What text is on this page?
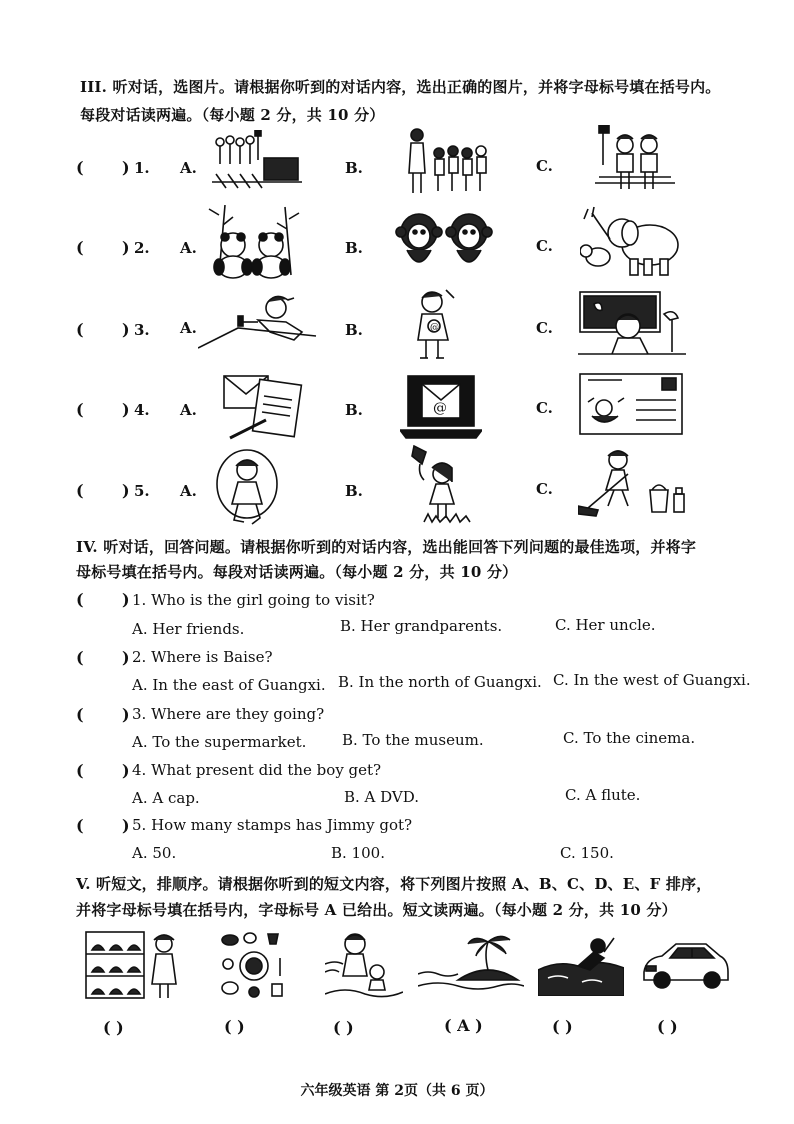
III. 听对话，选图片。请根据你听到的对话内容，选出正确的图片，并将字母标号填在括号内。
每段对话读两遍。（每小题 2 分，共 10 分）
( ) 1. A.	B.	C.
( ) 2. A.	B.	C.
( ) 3. A.	B.	C.
@
( ) 4. A.	B.	C.
@
( ) 5. A.	B.	C.
IV. 听对话，回答问题。请根据你听到的对话内容，选出能回答下列问题的最佳选项，并将字
母标号填在括号内。每段对话读两遍。（每小题 2 分，共 10 分）
( ) 1. Who is the girl going to visit?
A. Her friends.	B. Her grandparents.	C. Her uncle.
( ) 2. Where is Baise?
A. In the east of Guangxi. B. In the north of Guangxi. C. In the west of Guangxi.
( ) 3. Where are they going?
A. To the supermarket. B. To the museum.	C. To the cinema.
( ) 4. What present did the boy get?
A. A cap.	B. A DVD.	C. A flute.
( ) 5. How many stamps has Jimmy got?
A. 50.	B. 100.	C. 150.
V. 听短文，排顺序。请根据你听到的短文内容，将下列图片按照 A、B、C、D、E、F 排序，
并将字母标号填在括号内，字母标号 A 已给出。短文读两遍。（每小题 2 分，共 10 分）
( )	( )	( )	( A )	( )	( )
六年级英语 第 2页（共 6 页）
